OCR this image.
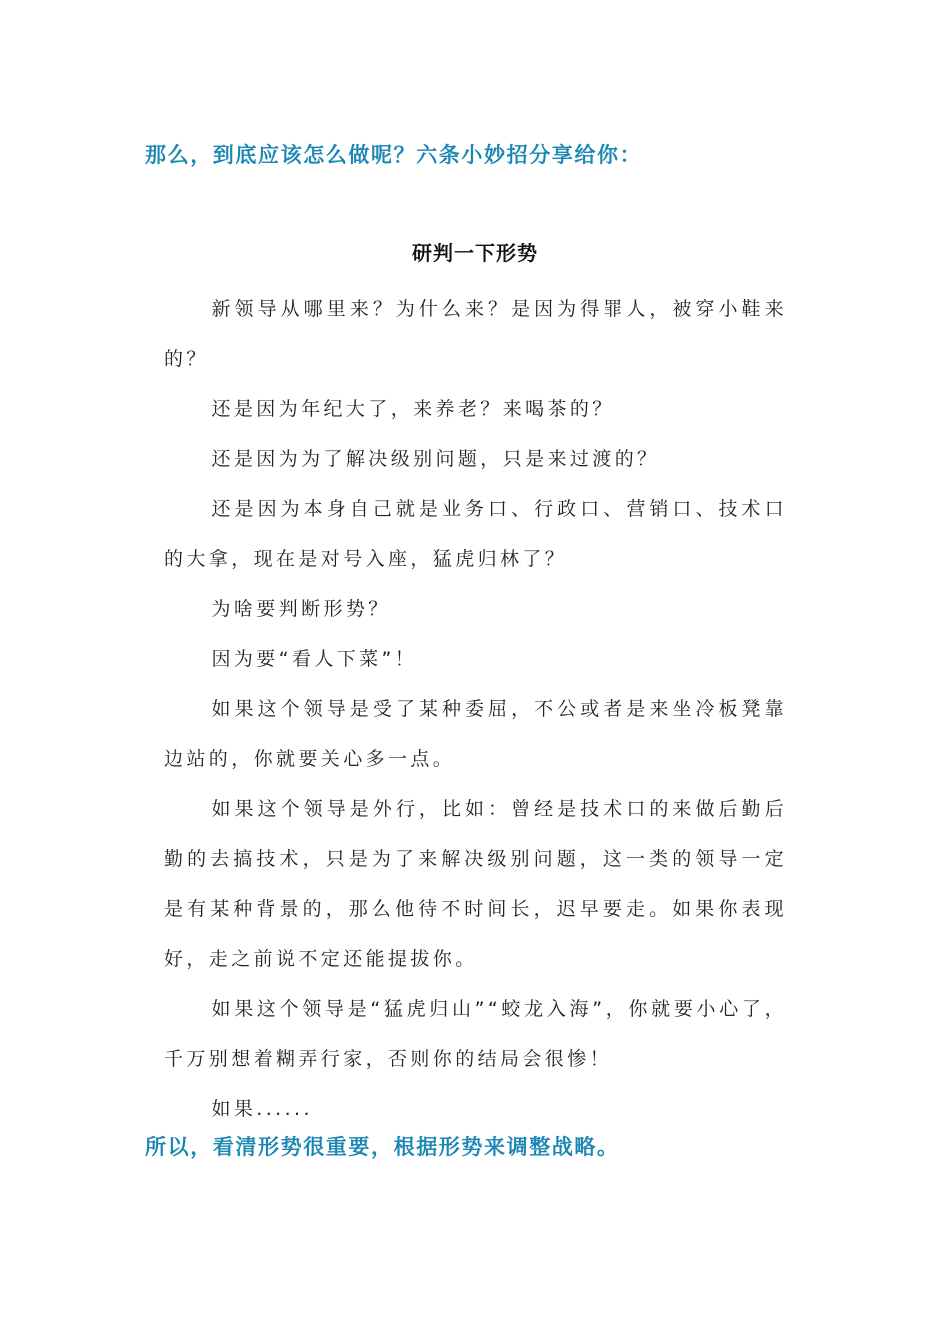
那么，到底应该怎么做呢？六条小妙招分享给你：

研判一下形势

新领导从哪里来？为什么来？是因为得罪人，被穿小鞋来的？

还是因为年纪大了，来养老？来喝茶的？

还是因为为了解决级别问题，只是来过渡的？

还是因为本身自己就是业务口、行政口、营销口、技术口的大拿，现在是对号入座，猛虎归林了？

为啥要判断形势？

因为要“看人下菜”！

如果这个领导是受了某种委屈，不公或者是来坐冷板凳靠边站的，你就要关心多一点。

如果这个领导是外行，比如：曾经是技术口的来做后勤后勤的去搞技术，只是为了来解决级别问题，这一类的领导一定是有某种背景的，那么他待不时间长，迟早要走。如果你表现好，走之前说不定还能提拔你。

如果这个领导是“猛虎归山”“蛟龙入海”，你就要小心了，千万别想着糊弄行家，否则你的结局会很惨！

如果......

所以，看清形势很重要，根据形势来调整战略。
